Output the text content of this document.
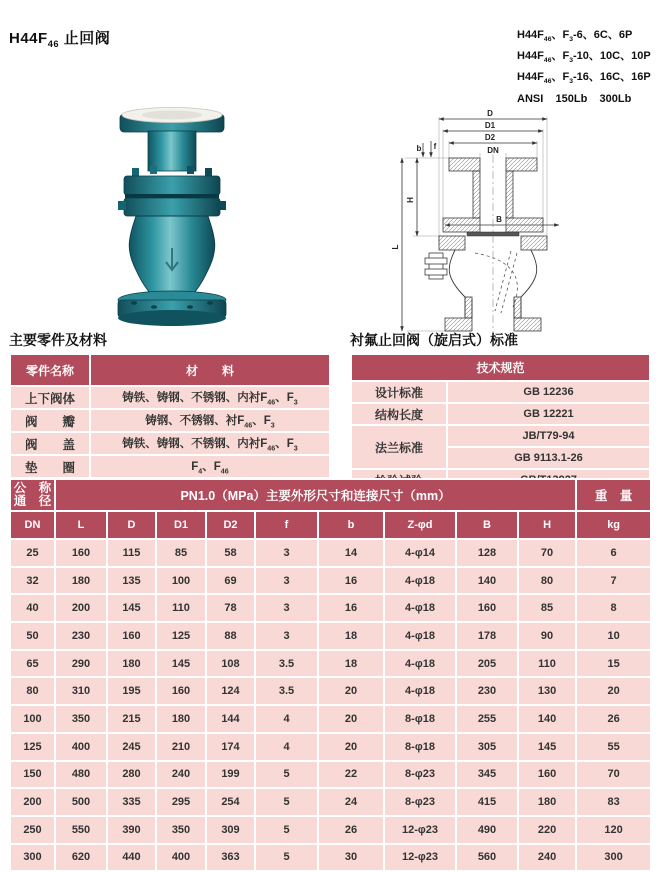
$H44F_{46}$ 止回阀	$H44F_{46}$、$F_3-6$、6C、6P
$H44F_{46}$、$F_3-10$、10C、10P
$H44F_{46}$、$F_3-16$、16C、16P
ANSI    150Lb    300Lb
D
D1
D2
DN
b f
H
L
B
主要零件及材料
零件名称	材　　料
上下阀体	铸铁、铸钢、不锈钢、内衬$F_{46}$、$F_3$
阀　　瓣	铸钢、不锈钢、衬$F_{46}$、$F_3$
阀　　盖	铸铁、铸钢、不锈钢、内衬$F_{46}$、$F_3$
垫　　圈	$F_4$、$F_{46}$
衬氟止回阀（旋启式）标准
技术规范	
设计标准	GB 12236
结构长度	GB 12221
法兰标准	JB/T79-94
	GB 9113.1-26

公　称
通　径	PN1.0（MPa）主要外形尺寸和连接尺寸（mm）									重　量
DN	L	D	D1	D2	f	b	Z-φd	B	H	kg
25	160	115	85	58	3	14	4-φ14	128	70	6
32	180	135	100	69	3	16	4-φ18	140	80	7
40	200	145	110	78	3	16	4-φ18	160	85	8
50	230	160	125	88	3	18	4-φ18	178	90	10
65	290	180	145	108	3.5	18	4-φ18	205	110	15
80	310	195	160	124	3.5	20	4-φ18	230	130	20
100	350	215	180	144	4	20	8-φ18	255	140	26
125	400	245	210	174	4	20	8-φ18	305	145	55
150	480	280	240	199	5	22	8-φ23	345	160	70
200	500	335	295	254	5	24	8-φ23	415	180	83
250	550	390	350	309	5	26	12-φ23	490	220	120
300	620	440	400	363	5	30	12-φ23	560	240	300
